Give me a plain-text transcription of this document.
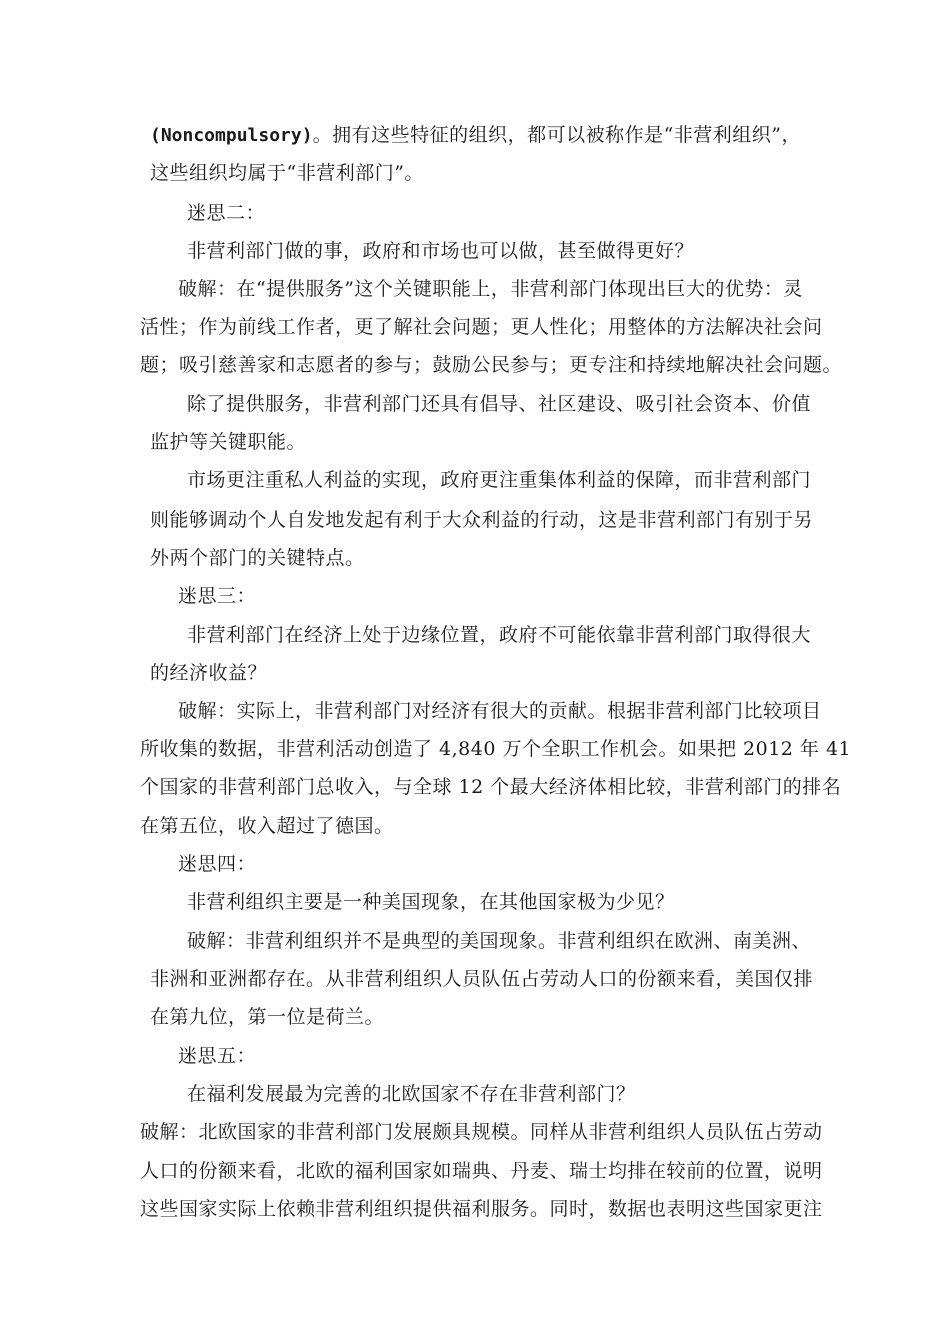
(Noncompulsory)。拥有这些特征的组织，都可以被称作是“非营利组织”，
这些组织均属于“非营利部门”。
迷思二：
非营利部门做的事，政府和市场也可以做，甚至做得更好？
破解：在“提供服务”这个关键职能上，非营利部门体现出巨大的优势：灵
活性；作为前线工作者，更了解社会问题；更人性化；用整体的方法解决社会问
题；吸引慈善家和志愿者的参与；鼓励公民参与；更专注和持续地解决社会问题。
除了提供服务，非营利部门还具有倡导、社区建设、吸引社会资本、价值
监护等关键职能。
市场更注重私人利益的实现，政府更注重集体利益的保障，而非营利部门
则能够调动个人自发地发起有利于大众利益的行动，这是非营利部门有别于另
外两个部门的关键特点。
迷思三：
非营利部门在经济上处于边缘位置，政府不可能依靠非营利部门取得很大
的经济收益？
破解：实际上，非营利部门对经济有很大的贡献。根据非营利部门比较项目
所收集的数据，非营利活动创造了 4,840 万个全职工作机会。如果把 2012 年 41
个国家的非营利部门总收入，与全球 12 个最大经济体相比较，非营利部门的排名
在第五位，收入超过了德国。
迷思四：
非营利组织主要是一种美国现象，在其他国家极为少见？
破解：非营利组织并不是典型的美国现象。非营利组织在欧洲、南美洲、
非洲和亚洲都存在。从非营利组织人员队伍占劳动人口的份额来看，美国仅排
在第九位，第一位是荷兰。
迷思五：
在福利发展最为完善的北欧国家不存在非营利部门？
破解：北欧国家的非营利部门发展颇具规模。同样从非营利组织人员队伍占劳动
人口的份额来看，北欧的福利国家如瑞典、丹麦、瑞士均排在较前的位置，说明
这些国家实际上依赖非营利组织提供福利服务。同时，数据也表明这些国家更注
